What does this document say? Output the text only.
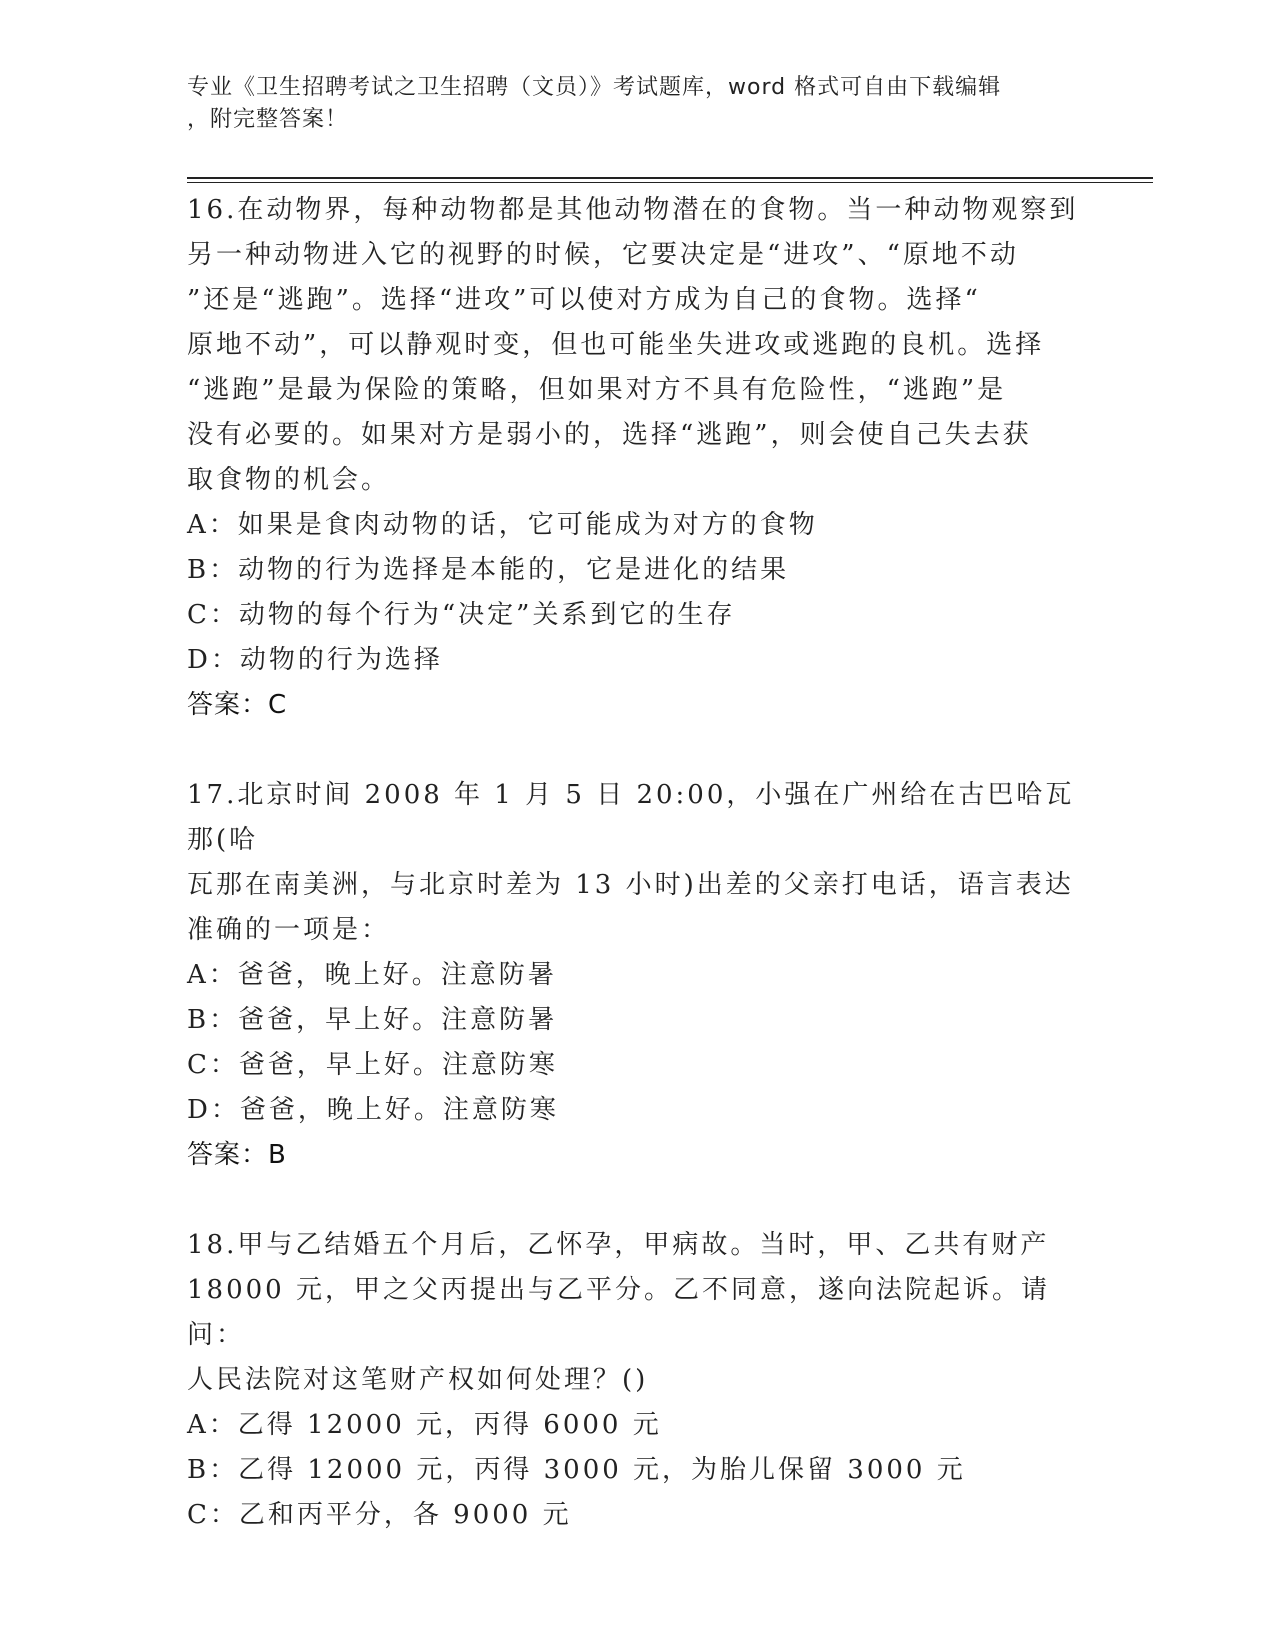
专业《卫生招聘考试之卫生招聘（文员）》考试题库，word 格式可自由下载编辑
，附完整答案！
16.在动物界，每种动物都是其他动物潜在的食物。当一种动物观察到
另一种动物进入它的视野的时候，它要决定是“进攻”、“原地不动
”还是“逃跑”。选择“进攻”可以使对方成为自己的食物。选择“
原地不动”，可以静观时变，但也可能坐失进攻或逃跑的良机。选择
“逃跑”是最为保险的策略，但如果对方不具有危险性，“逃跑”是
没有必要的。如果对方是弱小的，选择“逃跑”，则会使自己失去获
取食物的机会。
A：如果是食肉动物的话，它可能成为对方的食物
B：动物的行为选择是本能的，它是进化的结果
C：动物的每个行为“决定”关系到它的生存
D：动物的行为选择
答案：C
17.北京时间 2008 年 1 月 5 日 20:00，小强在广州给在古巴哈瓦那(哈
瓦那在南美洲，与北京时差为 13 小时)出差的父亲打电话，语言表达
准确的一项是：
A：爸爸，晚上好。注意防暑
B：爸爸，早上好。注意防暑
C：爸爸，早上好。注意防寒
D：爸爸，晚上好。注意防寒
答案：B
18.甲与乙结婚五个月后，乙怀孕，甲病故。当时，甲、乙共有财产
18000 元，甲之父丙提出与乙平分。乙不同意，遂向法院起诉。请问：
人民法院对这笔财产权如何处理？()
A：乙得 12000 元，丙得 6000 元
B：乙得 12000 元，丙得 3000 元，为胎儿保留 3000 元
C：乙和丙平分，各 9000 元
